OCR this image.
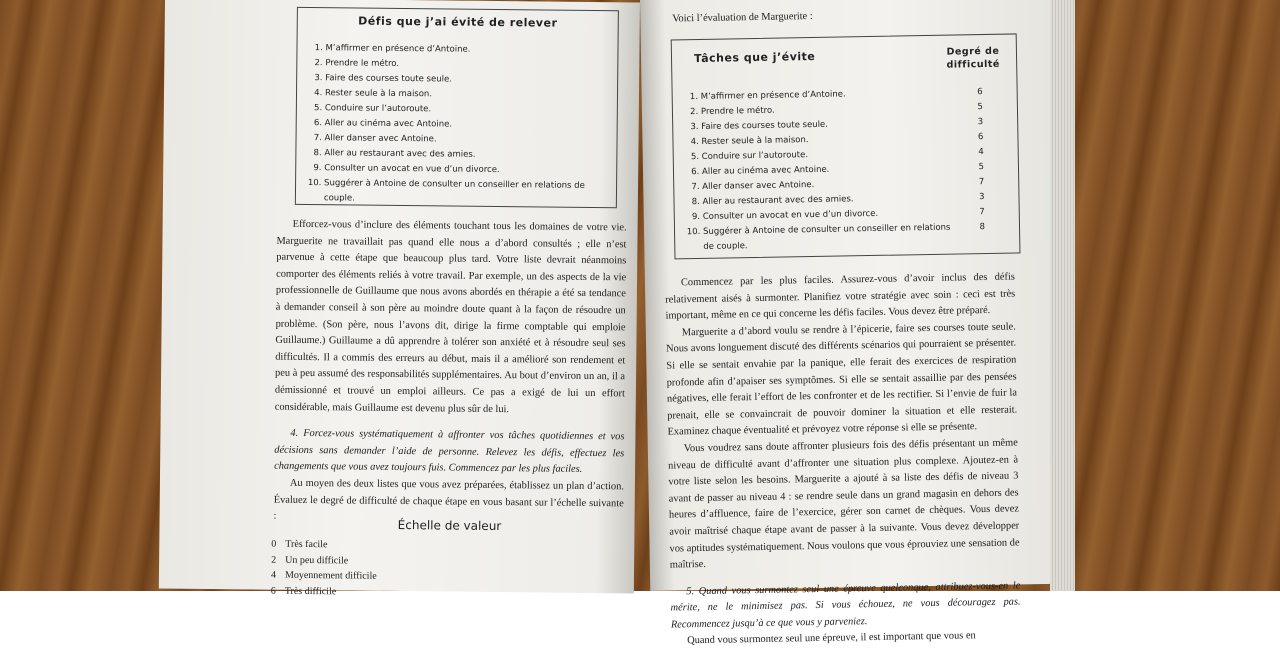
Défis que j’ai évité de relever
1. M’affirmer en présence d’Antoine.
2. Prendre le métro.
3. Faire des courses toute seule.
4. Rester seule à la maison.
5. Conduire sur l’autoroute.
6. Aller au cinéma avec Antoine.
7. Aller danser avec Antoine.
8. Aller au restaurant avec des amies.
9. Consulter un avocat en vue d’un divorce.
10. Suggérer à Antoine de consulter un conseiller en relations de couple.

Efforcez-vous d’inclure des éléments touchant tous les domaines de votre vie. Marguerite ne travaillait pas quand elle nous a d’abord consultés ; elle n’est parvenue à cette étape que beaucoup plus tard. Votre liste devrait néanmoins comporter des éléments reliés à votre travail. Par exemple, un des aspects de la vie professionnelle de Guillaume que nous avons abordés en thérapie a été sa tendance à demander conseil à son père au moindre doute quant à la façon de résoudre un problème. (Son père, nous l’avons dit, dirige la firme comptable qui emploie Guillaume.) Guillaume a dû apprendre à tolérer son anxiété et à résoudre seul ses difficultés. Il a commis des erreurs au début, mais il a amélioré son rendement et peu à peu assumé des responsabilités supplémentaires. Au bout d’environ un an, il a démissionné et trouvé un emploi ailleurs. Ce pas a exigé de lui un effort considérable, mais Guillaume est devenu plus sûr de lui.

4. Forcez-vous systématiquement à affronter vos tâches quotidiennes et vos décisions sans demander l’aide de personne. Relevez les défis, effectuez les changements que vous avez toujours fuis. Commencez par les plus faciles.

Au moyen des deux listes que vous avez préparées, établissez un plan d’action. Évaluez le degré de difficulté de chaque étape en vous basant sur l’échelle suivante :

Échelle de valeur
0 Très facile
2 Un peu difficile
4 Moyennement difficile
6 Très difficile
Voici l’évaluation de Marguerite :
Tâches que j’évite	Degré de difficulté
1. M’affirmer en présence d’Antoine.
2. Prendre le métro.
3. Faire des courses toute seule.
4. Rester seule à la maison.
5. Conduire sur l’autoroute.
6. Aller au cinéma avec Antoine.
7. Aller danser avec Antoine.
8. Aller au restaurant avec des amies.
9. Consulter un avocat en vue d’un divorce.
10. Suggérer à Antoine de consulter un conseiller en relations de couple.
6
5
3
6
4
5
7
3
7
8

Commencez par les plus faciles. Assurez-vous d’avoir inclus des défis relativement aisés à surmonter. Planifiez votre stratégie avec soin : ceci est très important, même en ce qui concerne les défis faciles. Vous devez être préparé.

Marguerite a d’abord voulu se rendre à l’épicerie, faire ses courses toute seule. Nous avons longuement discuté des différents scénarios qui pourraient se présenter. Si elle se sentait envahie par la panique, elle ferait des exercices de respiration profonde afin d’apaiser ses symptômes. Si elle se sentait assaillie par des pensées négatives, elle ferait l’effort de les confronter et de les rectifier. Si l’envie de fuir la prenait, elle se convaincrait de pouvoir dominer la situation et elle resterait. Examinez chaque éventualité et prévoyez votre réponse si elle se présente.

Vous voudrez sans doute affronter plusieurs fois des défis présentant un même niveau de difficulté avant d’affronter une situation plus complexe. Ajoutez-en à votre liste selon les besoins. Marguerite a ajouté à sa liste des défis de niveau 3 avant de passer au niveau 4 : se rendre seule dans un grand magasin en dehors des heures d’affluence, faire de l’exercice, gérer son carnet de chèques. Vous devez avoir maîtrisé chaque étape avant de passer à la suivante. Vous devez développer vos aptitudes systématiquement. Nous voulons que vous éprouviez une sensation de maîtrise.

5. Quand vous surmontez seul une épreuve quelconque, attribuez-vous-en le mérite, ne le minimisez pas. Si vous échouez, ne vous découragez pas. Recommencez jusqu’à ce que vous y parveniez.

Quand vous surmontez seul une épreuve, il est important que vous en
